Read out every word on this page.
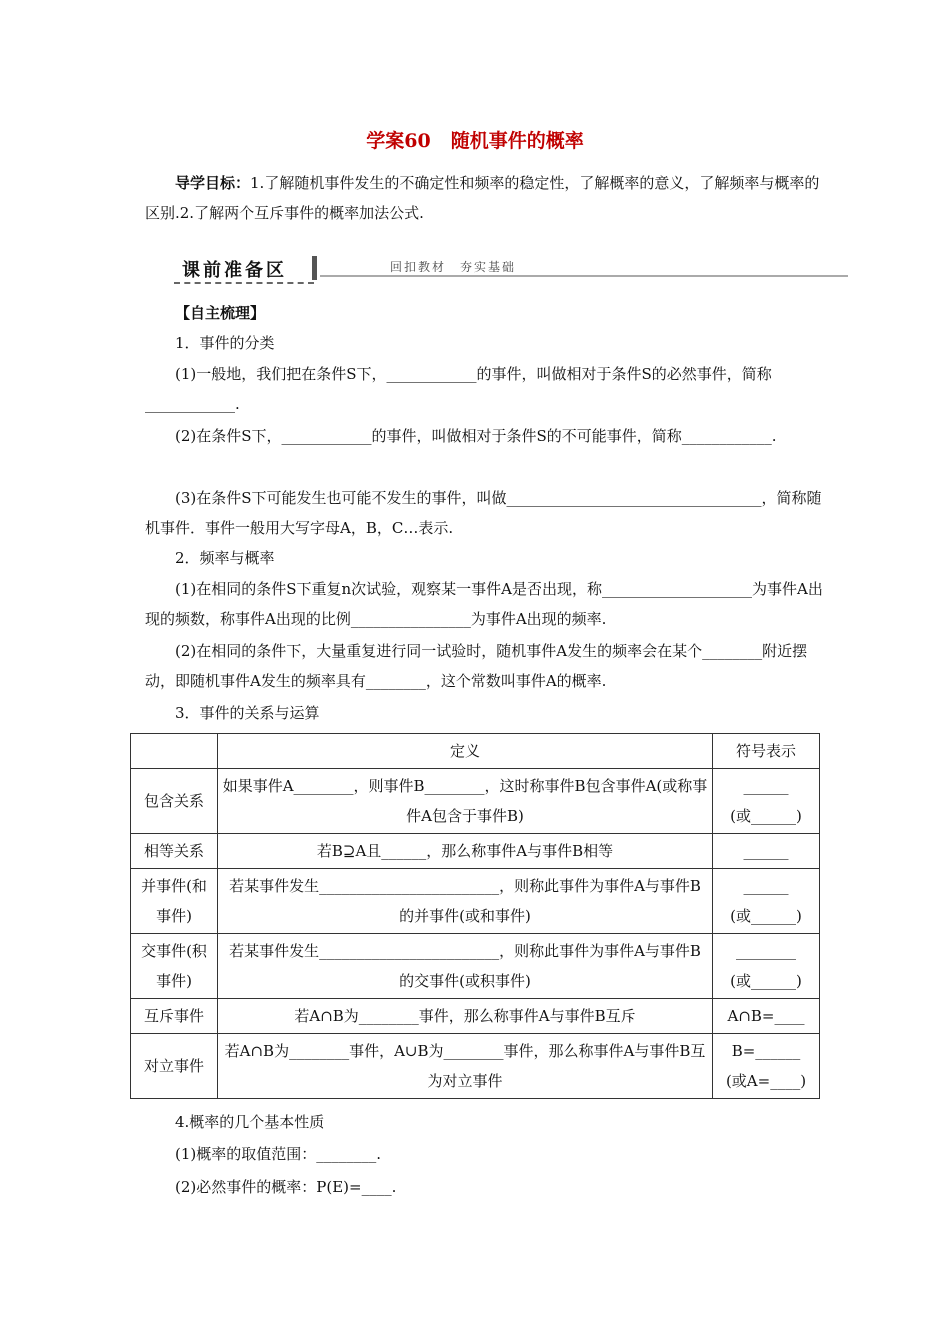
学案60 随机事件的概率
导学目标：1.了解随机事件发生的不确定性和频率的稳定性，了解概率的意义，了解频率与概率的区别.2.了解两个互斥事件的概率加法公式.
课前准备区	回扣教材　夯实基础
【自主梳理】
1．事件的分类
(1)一般地，我们把在条件S下，____________的事件，叫做相对于条件S的必然事件，简称____________.
(2)在条件S下，____________的事件，叫做相对于条件S的不可能事件，简称____________.
(3)在条件S下可能发生也可能不发生的事件，叫做__________________________________，简称随机事件．事件一般用大写字母A，B，C…表示.
2．频率与概率
(1)在相同的条件S下重复n次试验，观察某一事件A是否出现，称____________________为事件A出现的频数，称事件A出现的比例________________为事件A出现的频率.
(2)在相同的条件下，大量重复进行同一试验时，随机事件A发生的频率会在某个________附近摆动，即随机事件A发生的频率具有________，这个常数叫事件A的概率.
3．事件的关系与运算
	定义	符号表示
包含关系	如果事件A________，则事件B________，这时称事件B包含事件A(或称事件A包含于事件B)	______
(或______)

相等关系	若B⊇A且______，那么称事件A与事件B相等	______

并事件(和事件)	若某事件发生________________________，则称此事件为事件A与事件B的并事件(或和事件)	______
(或______)

交事件(积事件)	若某事件发生________________________，则称此事件为事件A与事件B的交事件(或积事件)	________
(或______)

互斥事件	若A∩B为________事件，那么称事件A与事件B互斥	A∩B=____

对立事件	若A∩B为________事件，A∪B为________事件，那么称事件A与事件B互为对立事件	B=______
(或A=____)
4.概率的几个基本性质
(1)概率的取值范围：________.
(2)必然事件的概率：P(E)=____.
